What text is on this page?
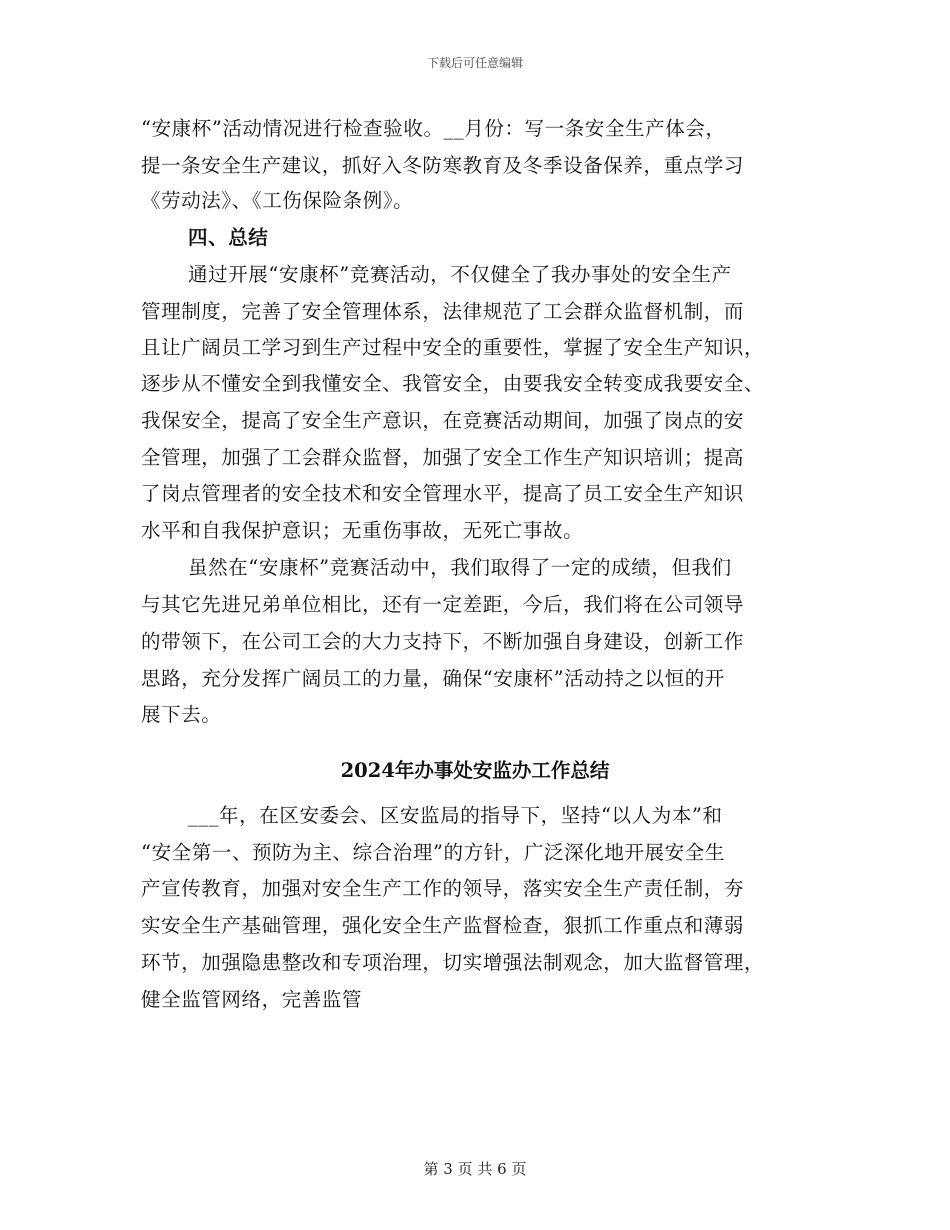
下载后可任意编辑
“安康杯”活动情况进行检查验收。__月份：写一条安全生产体会，
提一条安全生产建议，抓好入冬防寒教育及冬季设备保养，重点学习
《劳动法》、《工伤保险条例》。
四、总结
通过开展“安康杯”竞赛活动，不仅健全了我办事处的安全生产
管理制度，完善了安全管理体系，法律规范了工会群众监督机制，而
且让广阔员工学习到生产过程中安全的重要性，掌握了安全生产知识，
逐步从不懂安全到我懂安全、我管安全，由要我安全转变成我要安全、
我保安全，提高了安全生产意识，在竞赛活动期间，加强了岗点的安
全管理，加强了工会群众监督，加强了安全工作生产知识培训；提高
了岗点管理者的安全技术和安全管理水平，提高了员工安全生产知识
水平和自我保护意识；无重伤事故，无死亡事故。
虽然在“安康杯”竞赛活动中，我们取得了一定的成绩，但我们
与其它先进兄弟单位相比，还有一定差距，今后，我们将在公司领导
的带领下，在公司工会的大力支持下，不断加强自身建设，创新工作
思路，充分发挥广阔员工的力量，确保“安康杯”活动持之以恒的开
展下去。
2024年办事处安监办工作总结
___年，在区安委会、区安监局的指导下，坚持“以人为本”和
“安全第一、预防为主、综合治理”的方针，广泛深化地开展安全生
产宣传教育，加强对安全生产工作的领导，落实安全生产责任制，夯
实安全生产基础管理，强化安全生产监督检查，狠抓工作重点和薄弱
环节，加强隐患整改和专项治理，切实增强法制观念，加大监督管理，
健全监管网络，完善监管
第 3 页 共 6 页
